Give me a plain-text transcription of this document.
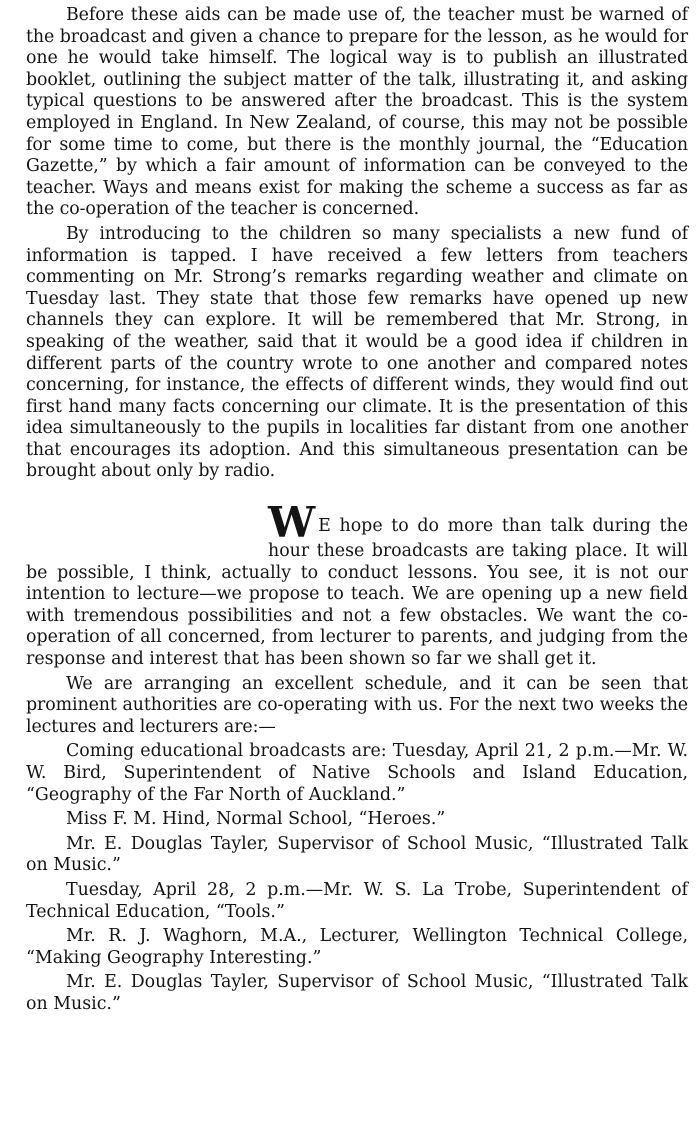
Before these aids can be made use of, the teacher must be warned of the broadcast and given a chance to prepare for the lesson, as he would for one he would take himself. The logical way is to publish an illustrated booklet, outlining the subject matter of the talk, illustrating it, and asking typical questions to be answered after the broadcast. This is the system employed in England. In New Zealand, of course, this may not be possible for some time to come, but there is the monthly journal, the “Education Gazette,” by which a fair amount of information can be conveyed to the teacher. Ways and means exist for making the scheme a success as far as the co-operation of the teacher is concerned.

By introducing to the children so many specialists a new fund of information is tapped. I have received a few letters from teachers commenting on Mr. Strong’s remarks regarding weather and climate on Tuesday last. They state that those few remarks have opened up new channels they can explore. It will be remembered that Mr. Strong, in speaking of the weather, said that it would be a good idea if children in different parts of the country wrote to one another and compared notes concerning, for instance, the effects of different winds, they would find out first hand many facts concerning our climate. It is the presentation of this idea simultaneously to the pupils in localities far distant from one another that encourages its adoption. And this simultaneous presentation can be brought about only by radio.

W E hope to do more than talk during the hour these broadcasts are taking place. It will be possible, I think, actually to conduct lessons. You see, it is not our intention to lecture—we propose to teach. We are opening up a new field with tremendous possibilities and not a few obstacles. We want the co-operation of all concerned, from lecturer to parents, and judging from the response and interest that has been shown so far we shall get it.

We are arranging an excellent schedule, and it can be seen that prominent authorities are co-operating with us. For the next two weeks the lectures and lecturers are:—

Coming educational broadcasts are: Tuesday, April 21, 2 p.m.—Mr. W. W. Bird, Superintendent of Native Schools and Island Education, “Geography of the Far North of Auckland.”

Miss F. M. Hind, Normal School, “Heroes.”

Mr. E. Douglas Tayler, Supervisor of School Music, “Illustrated Talk on Music.”

Tuesday, April 28, 2 p.m.—Mr. W. S. La Trobe, Superintendent of Technical Education, “Tools.”

Mr. R. J. Waghorn, M.A., Lecturer, Wellington Technical College, “Making Geography Interesting.”

Mr. E. Douglas Tayler, Supervisor of School Music, “Illustrated Talk on Music.”
